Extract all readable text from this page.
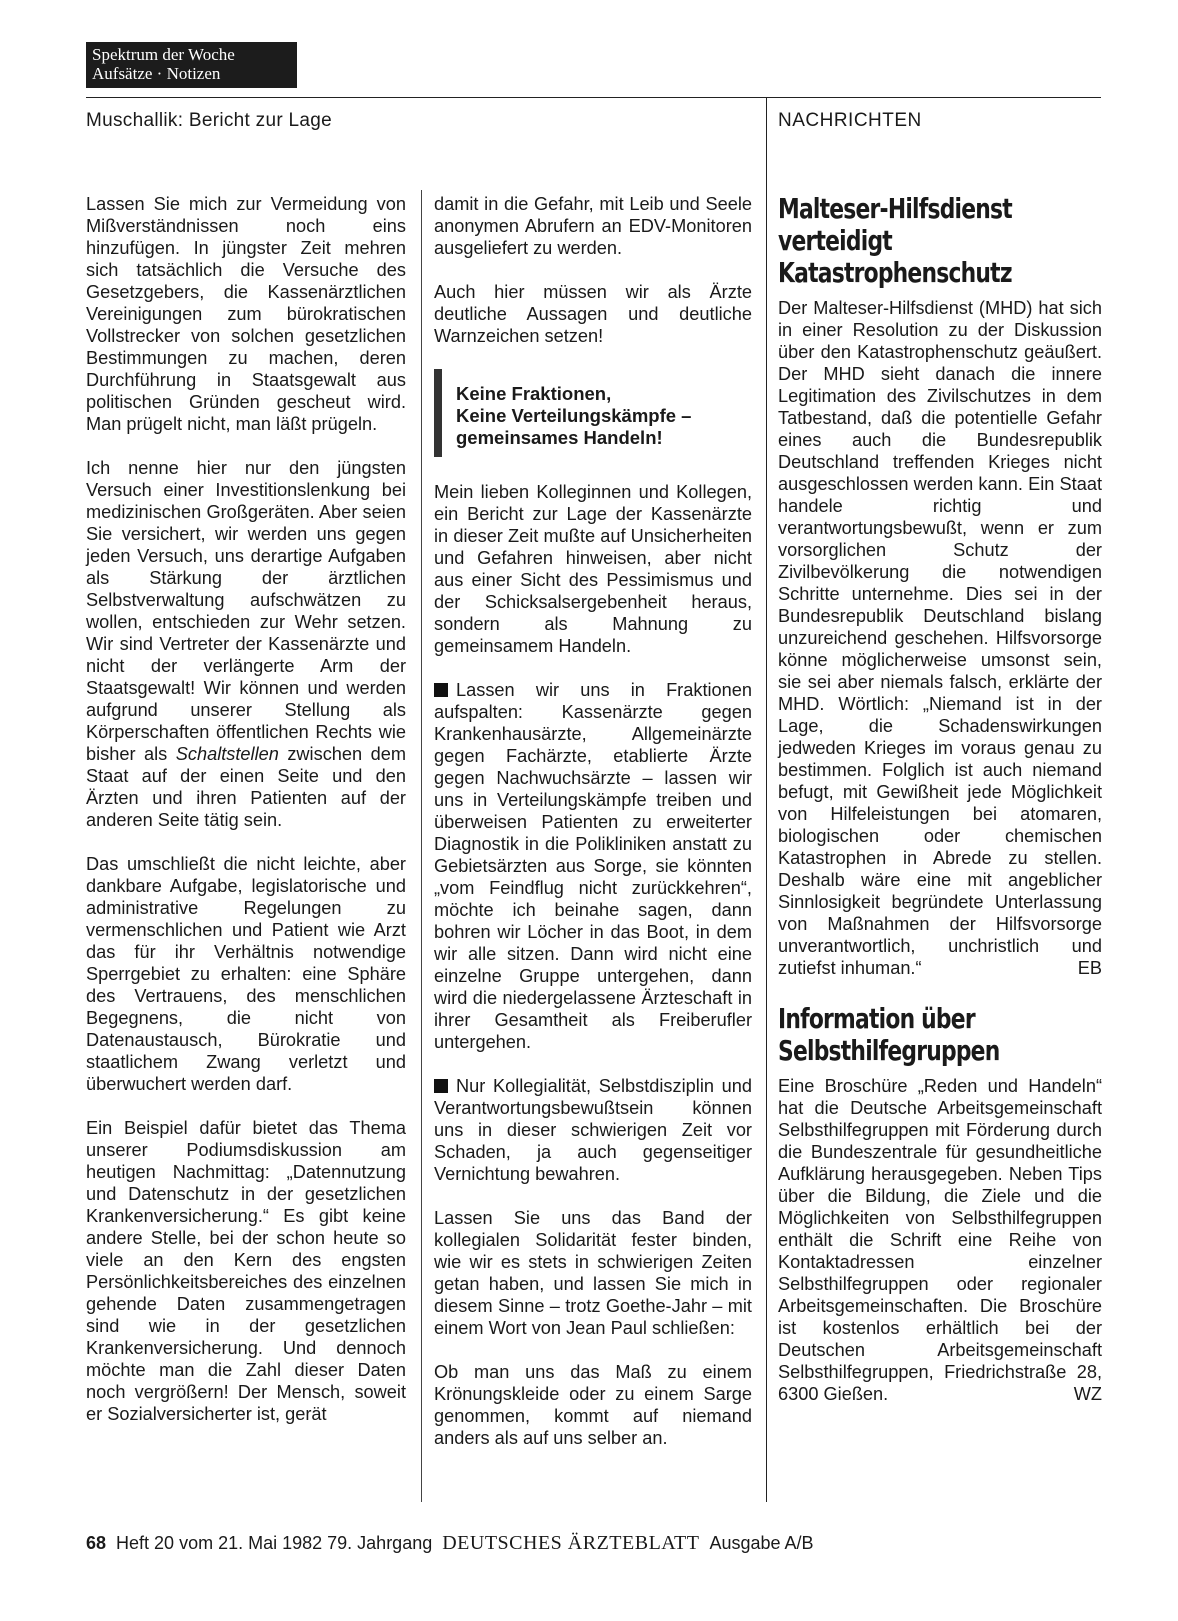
Spektrum der Woche
Aufsätze · Notizen
Muschallik: Bericht zur Lage	NACHRICHTEN

Lassen Sie mich zur Vermeidung von Mißverständnissen noch eins hinzufügen. In jüngster Zeit mehren sich tatsächlich die Versuche des Gesetzgebers, die Kassenärztlichen Vereinigungen zum bürokratischen Vollstrecker von solchen gesetzlichen Bestimmungen zu machen, deren Durchführung in Staatsgewalt aus politischen Gründen gescheut wird. Man prügelt nicht, man läßt prügeln.

Ich nenne hier nur den jüngsten Versuch einer Investitionslenkung bei medizinischen Großgeräten. Aber seien Sie versichert, wir werden uns gegen jeden Versuch, uns derartige Aufgaben als Stärkung der ärztlichen Selbstverwaltung aufschwätzen zu wollen, entschieden zur Wehr setzen. Wir sind Vertreter der Kassenärzte und nicht der verlängerte Arm der Staatsgewalt! Wir können und werden aufgrund unserer Stellung als Körperschaften öffentlichen Rechts wie bisher als Schaltstellen zwischen dem Staat auf der einen Seite und den Ärzten und ihren Patienten auf der anderen Seite tätig sein.

Das umschließt die nicht leichte, aber dankbare Aufgabe, legislatorische und administrative Regelungen zu vermenschlichen und Patient wie Arzt das für ihr Verhältnis notwendige Sperrgebiet zu erhalten: eine Sphäre des Vertrauens, des menschlichen Begegnens, die nicht von Datenaustausch, Bürokratie und staatlichem Zwang verletzt und überwuchert werden darf.

Ein Beispiel dafür bietet das Thema unserer Podiumsdiskussion am heutigen Nachmittag: „Datennutzung und Datenschutz in der gesetzlichen Krankenversicherung.“ Es gibt keine andere Stelle, bei der schon heute so viele an den Kern des engsten Persönlichkeitsbereiches des einzelnen gehende Daten zusammengetragen sind wie in der gesetzlichen Krankenversicherung. Und dennoch möchte man die Zahl dieser Daten noch vergrößern! Der Mensch, soweit er Sozialversicherter ist, gerät

damit in die Gefahr, mit Leib und Seele anonymen Abrufern an EDV-Monitoren ausgeliefert zu werden.

Auch hier müssen wir als Ärzte deutliche Aussagen und deutliche Warnzeichen setzen!

Keine Fraktionen,
Keine Verteilungskämpfe –
gemeinsames Handeln!

Mein lieben Kolleginnen und Kollegen, ein Bericht zur Lage der Kassenärzte in dieser Zeit mußte auf Unsicherheiten und Gefahren hinweisen, aber nicht aus einer Sicht des Pessimismus und der Schicksalsergebenheit heraus, sondern als Mahnung zu gemeinsamem Handeln.

Lassen wir uns in Fraktionen aufspalten: Kassenärzte gegen Krankenhausärzte, Allgemeinärzte gegen Fachärzte, etablierte Ärzte gegen Nachwuchsärzte – lassen wir uns in Verteilungskämpfe treiben und überweisen Patienten zu erweiterter Diagnostik in die Polikliniken anstatt zu Gebietsärzten aus Sorge, sie könnten „vom Feindflug nicht zurückkehren“, möchte ich beinahe sagen, dann bohren wir Löcher in das Boot, in dem wir alle sitzen. Dann wird nicht eine einzelne Gruppe untergehen, dann wird die niedergelassene Ärzteschaft in ihrer Gesamtheit als Freiberufler untergehen.

Nur Kollegialität, Selbstdisziplin und Verantwortungsbewußtsein können uns in dieser schwierigen Zeit vor Schaden, ja auch gegenseitiger Vernichtung bewahren.

Lassen Sie uns das Band der kollegialen Solidarität fester binden, wie wir es stets in schwierigen Zeiten getan haben, und lassen Sie mich in diesem Sinne – trotz Goethe-Jahr – mit einem Wort von Jean Paul schließen:

Ob man uns das Maß zu einem Krönungskleide oder zu einem Sarge genommen, kommt auf niemand anders als auf uns selber an.

Malteser-Hilfsdienst
verteidigt
Katastrophenschutz

Der Malteser-Hilfsdienst (MHD) hat sich in einer Resolution zu der Diskussion über den Katastrophenschutz geäußert. Der MHD sieht danach die innere Legitimation des Zivilschutzes in dem Tatbestand, daß die potentielle Gefahr eines auch die Bundesrepublik Deutschland treffenden Krieges nicht ausgeschlossen werden kann. Ein Staat handele richtig und verantwortungsbewußt, wenn er zum vorsorglichen Schutz der Zivilbevölkerung die notwendigen Schritte unternehme. Dies sei in der Bundesrepublik Deutschland bislang unzureichend geschehen. Hilfsvorsorge könne möglicherweise umsonst sein, sie sei aber niemals falsch, erklärte der MHD. Wörtlich: „Niemand ist in der Lage, die Schadenswirkungen jedweden Krieges im voraus genau zu bestimmen. Folglich ist auch niemand befugt, mit Gewißheit jede Möglichkeit von Hilfeleistungen bei atomaren, biologischen oder chemischen Katastrophen in Abrede zu stellen. Deshalb wäre eine mit angeblicher Sinnlosigkeit begründete Unterlassung von Maßnahmen der Hilfsvorsorge unverantwortlich, unchristlich und zutiefst inhuman.“	EB

Information über
Selbsthilfegruppen

Eine Broschüre „Reden und Handeln“ hat die Deutsche Arbeitsgemeinschaft Selbsthilfegruppen mit Förderung durch die Bundeszentrale für gesundheitliche Aufklärung herausgegeben. Neben Tips über die Bildung, die Ziele und die Möglichkeiten von Selbsthilfegruppen enthält die Schrift eine Reihe von Kontaktadressen einzelner Selbsthilfegruppen oder regionaler Arbeitsgemeinschaften. Die Broschüre ist kostenlos erhältlich bei der Deutschen Arbeitsgemeinschaft Selbsthilfegruppen, Friedrichstraße 28, 6300 Gießen.	WZ

68 Heft 20 vom 21. Mai 1982 79. Jahrgang DEUTSCHES ÄRZTEBLATT Ausgabe A/B
